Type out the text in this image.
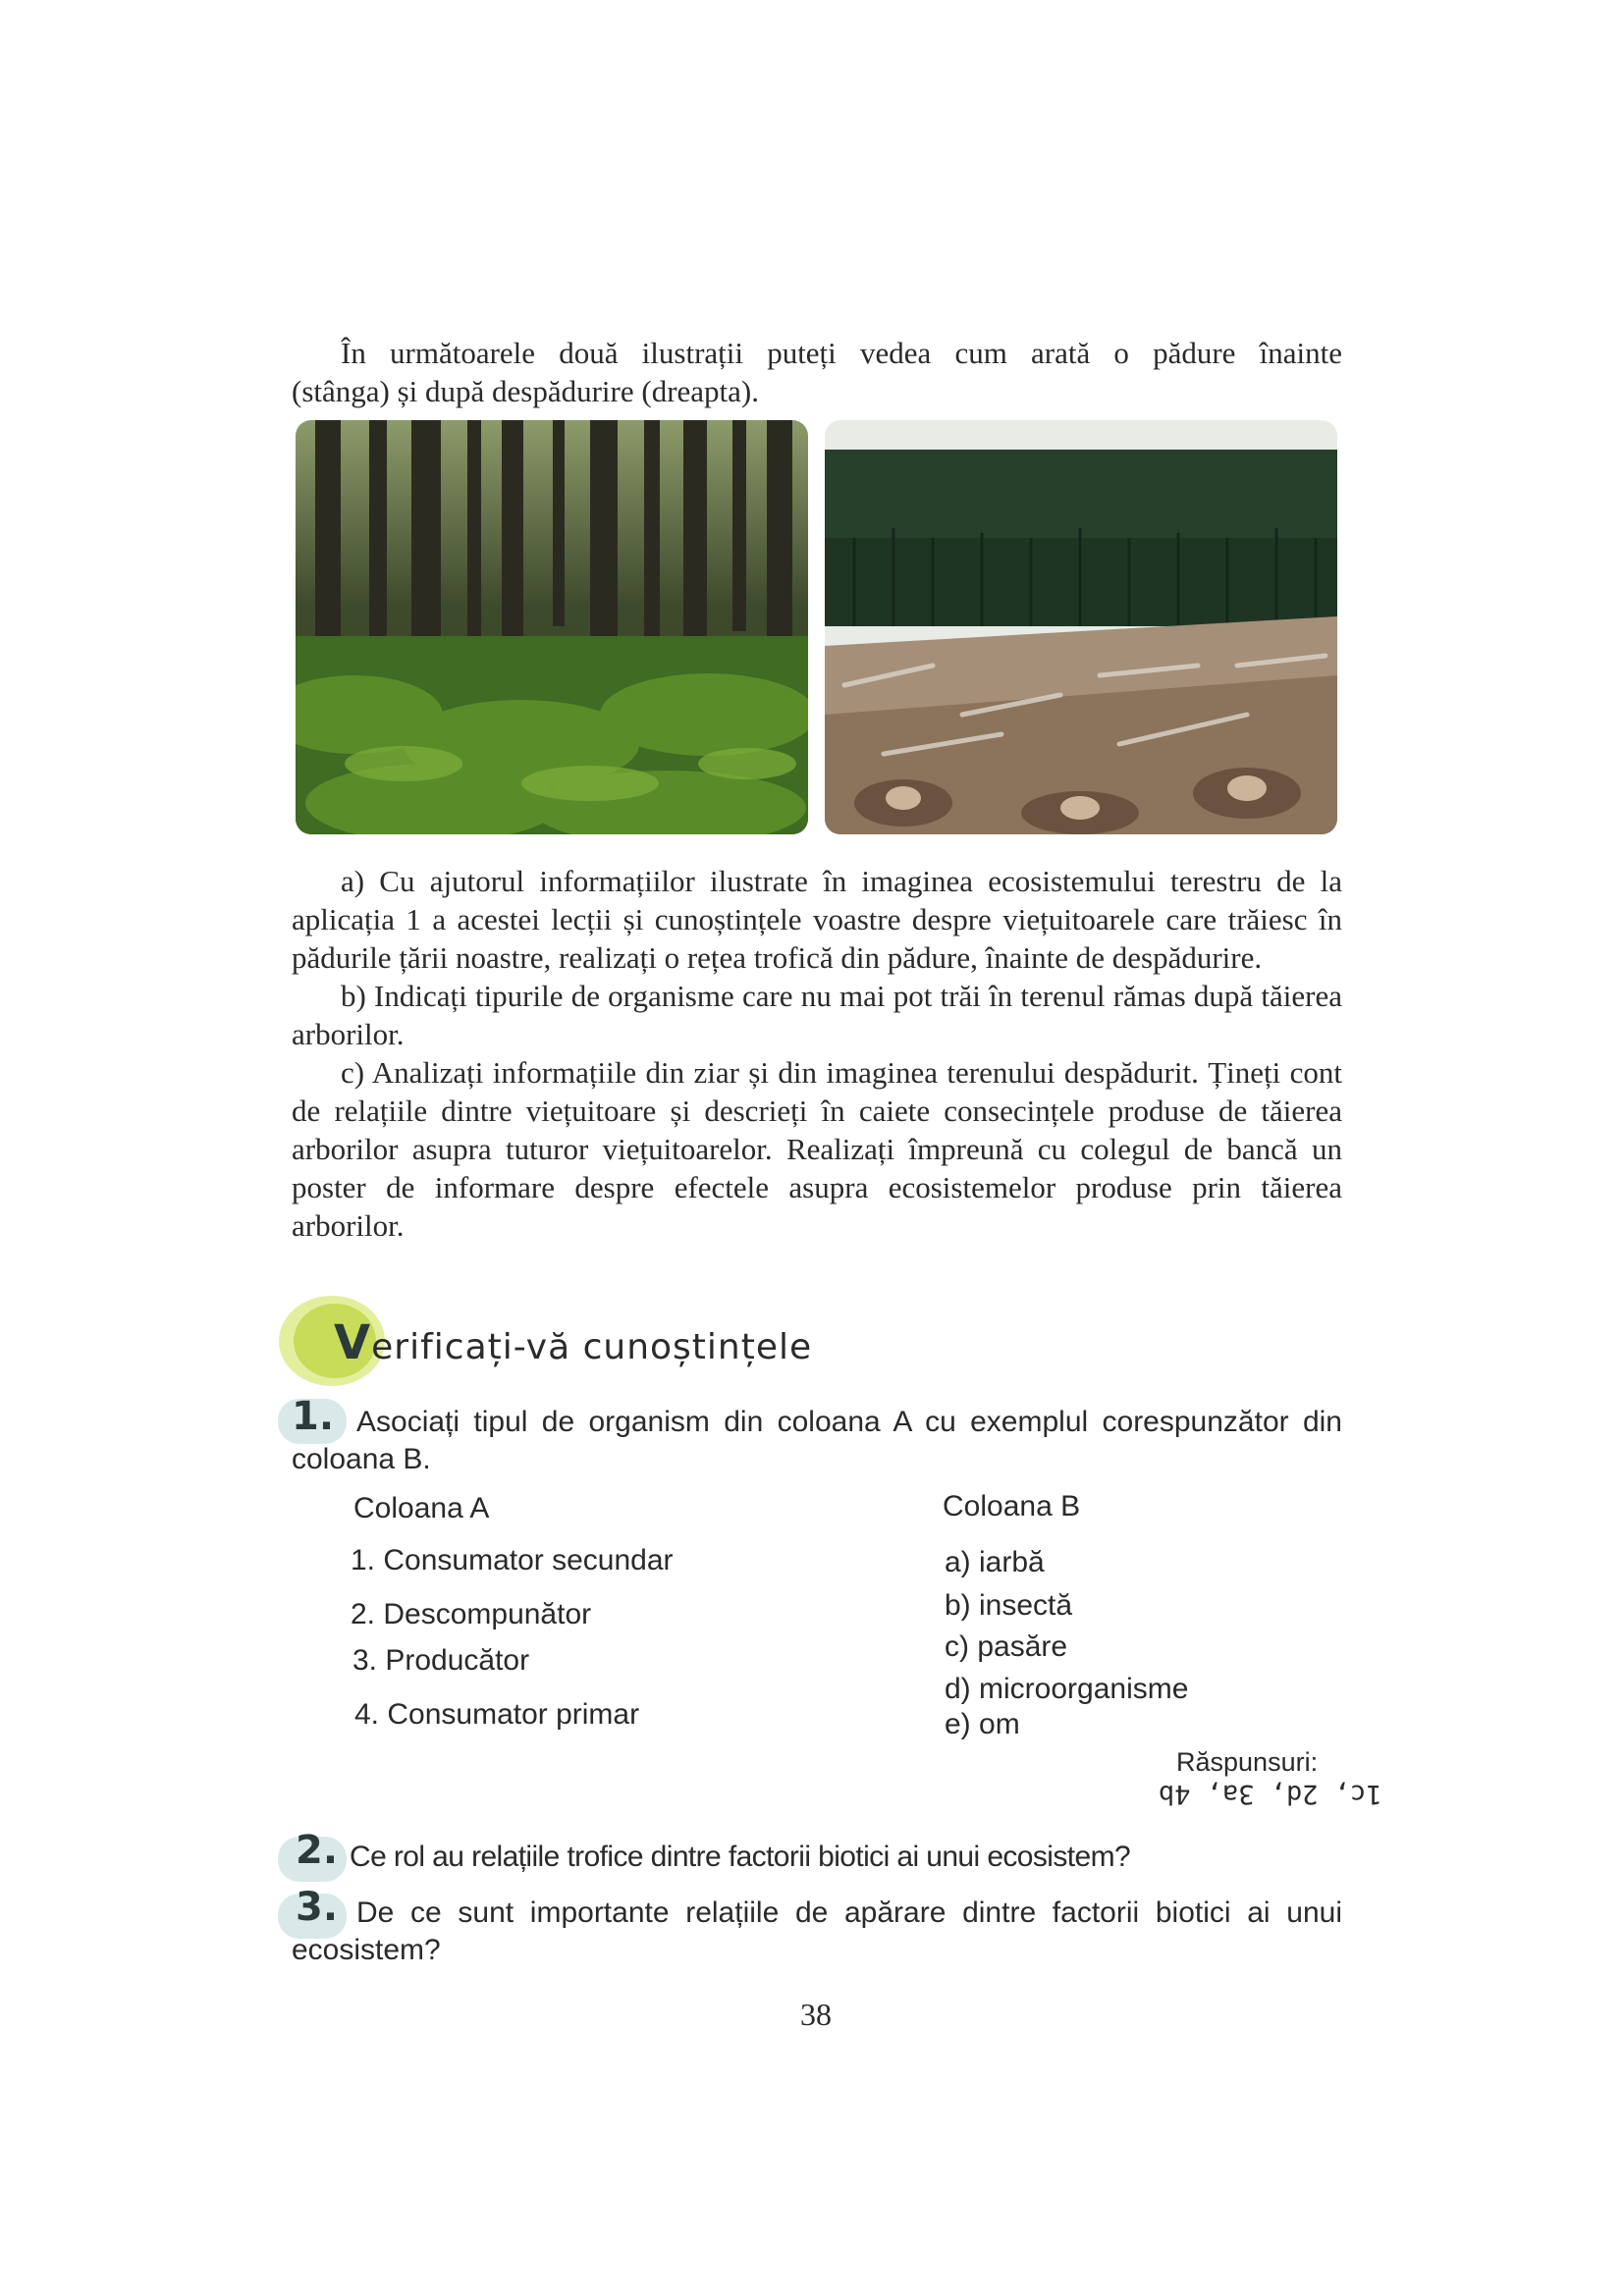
În următoarele două ilustrații puteți vedea cum arată o pădure înainte
(stânga) și după despădurire (dreapta).

a) Cu ajutorul informațiilor ilustrate în imaginea ecosistemului terestru de la aplicația 1 a acestei lecții și cunoștințele voastre despre viețuitoarele care trăiesc în pădurile țării noastre, realizați o rețea trofică din pădure, înainte de despădurire.

b) Indicați tipurile de organisme care nu mai pot trăi în terenul rămas după tăierea arborilor.

c) Analizați informațiile din ziar și din imaginea terenului despădurit. Țineți cont de relațiile dintre viețuitoare și descrieți în caiete consecințele produse de tăierea arborilor asupra tuturor viețuitoarelor. Realizați împreună cu colegul de bancă un poster de informare despre efectele asupra ecosistemelor produse prin tăierea arborilor.

Verificați-vă cunoștințele
1. Asociați tipul de organism din coloana A cu exemplul corespunzător din coloana B.
Coloana A
1. Consumator secundar
2. Descompunător
3. Producător
4. Consumator primar
Coloana B
a) iarbă
b) insectă
c) pasăre
d) microorganisme
e) om
Răspunsuri:
1c, 2d, 3a, 4b
2. Ce rol au relațiile trofice dintre factorii biotici ai unui ecosistem?
3. De ce sunt importante relațiile de apărare dintre factorii biotici ai unui ecosistem?
38
